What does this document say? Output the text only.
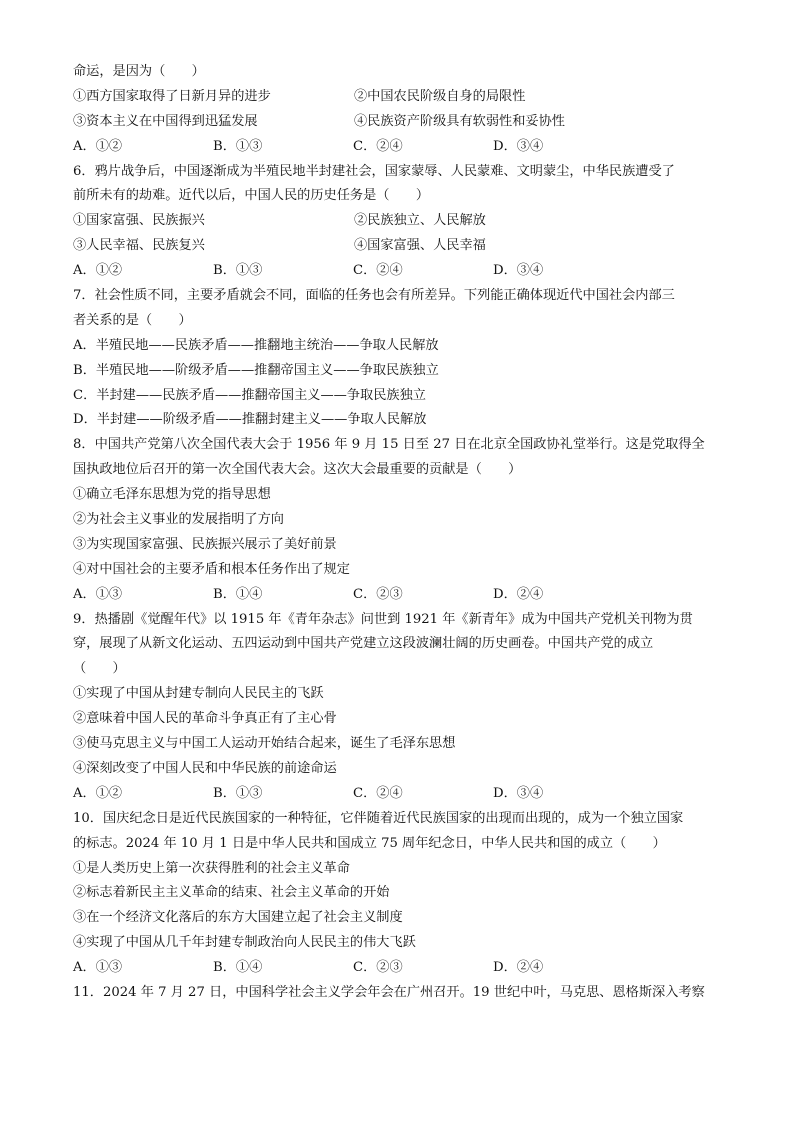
命运，是因为（　　）
①西方国家取得了日新月异的进步	②中国农民阶级自身的局限性
③资本主义在中国得到迅猛发展	④民族资产阶级具有软弱性和妥协性
A．①②	B．①③	C．②④	D．③④
6．鸦片战争后，中国逐渐成为半殖民地半封建社会，国家蒙辱、人民蒙难、文明蒙尘，中华民族遭受了
前所未有的劫难。近代以后，中国人民的历史任务是（　　）
①国家富强、民族振兴	②民族独立、人民解放
③人民幸福、民族复兴	④国家富强、人民幸福
A．①②	B．①③	C．②④	D．③④
7．社会性质不同，主要矛盾就会不同，面临的任务也会有所差异。下列能正确体现近代中国社会内部三
者关系的是（　　）
A．半殖民地——民族矛盾——推翻地主统治——争取人民解放
B．半殖民地——阶级矛盾——推翻帝国主义——争取民族独立
C．半封建——民族矛盾——推翻帝国主义——争取民族独立
D．半封建——阶级矛盾——推翻封建主义——争取人民解放
8．中国共产党第八次全国代表大会于 1956 年 9 月 15 日至 27 日在北京全国政协礼堂举行。这是党取得全
国执政地位后召开的第一次全国代表大会。这次大会最重要的贡献是（　　）
①确立毛泽东思想为党的指导思想
②为社会主义事业的发展指明了方向
③为实现国家富强、民族振兴展示了美好前景
④对中国社会的主要矛盾和根本任务作出了规定
A．①③	B．①④	C．②③	D．②④
9．热播剧《觉醒年代》以 1915 年《青年杂志》问世到 1921 年《新青年》成为中国共产党机关刊物为贯
穿，展现了从新文化运动、五四运动到中国共产党建立这段波澜壮阔的历史画卷。中国共产党的成立
（　　）
①实现了中国从封建专制向人民民主的飞跃
②意味着中国人民的革命斗争真正有了主心骨
③使马克思主义与中国工人运动开始结合起来，诞生了毛泽东思想
④深刻改变了中国人民和中华民族的前途命运
A．①②	B．①③	C．②④	D．③④
10．国庆纪念日是近代民族国家的一种特征，它伴随着近代民族国家的出现而出现的，成为一个独立国家
的标志。2024 年 10 月 1 日是中华人民共和国成立 75 周年纪念日，中华人民共和国的成立（　　）
①是人类历史上第一次获得胜利的社会主义革命
②标志着新民主主义革命的结束、社会主义革命的开始
③在一个经济文化落后的东方大国建立起了社会主义制度
④实现了中国从几千年封建专制政治向人民民主的伟大飞跃
A．①③	B．①④	C．②③	D．②④
11．2024 年 7 月 27 日，中国科学社会主义学会年会在广州召开。19 世纪中叶，马克思、恩格斯深入考察
